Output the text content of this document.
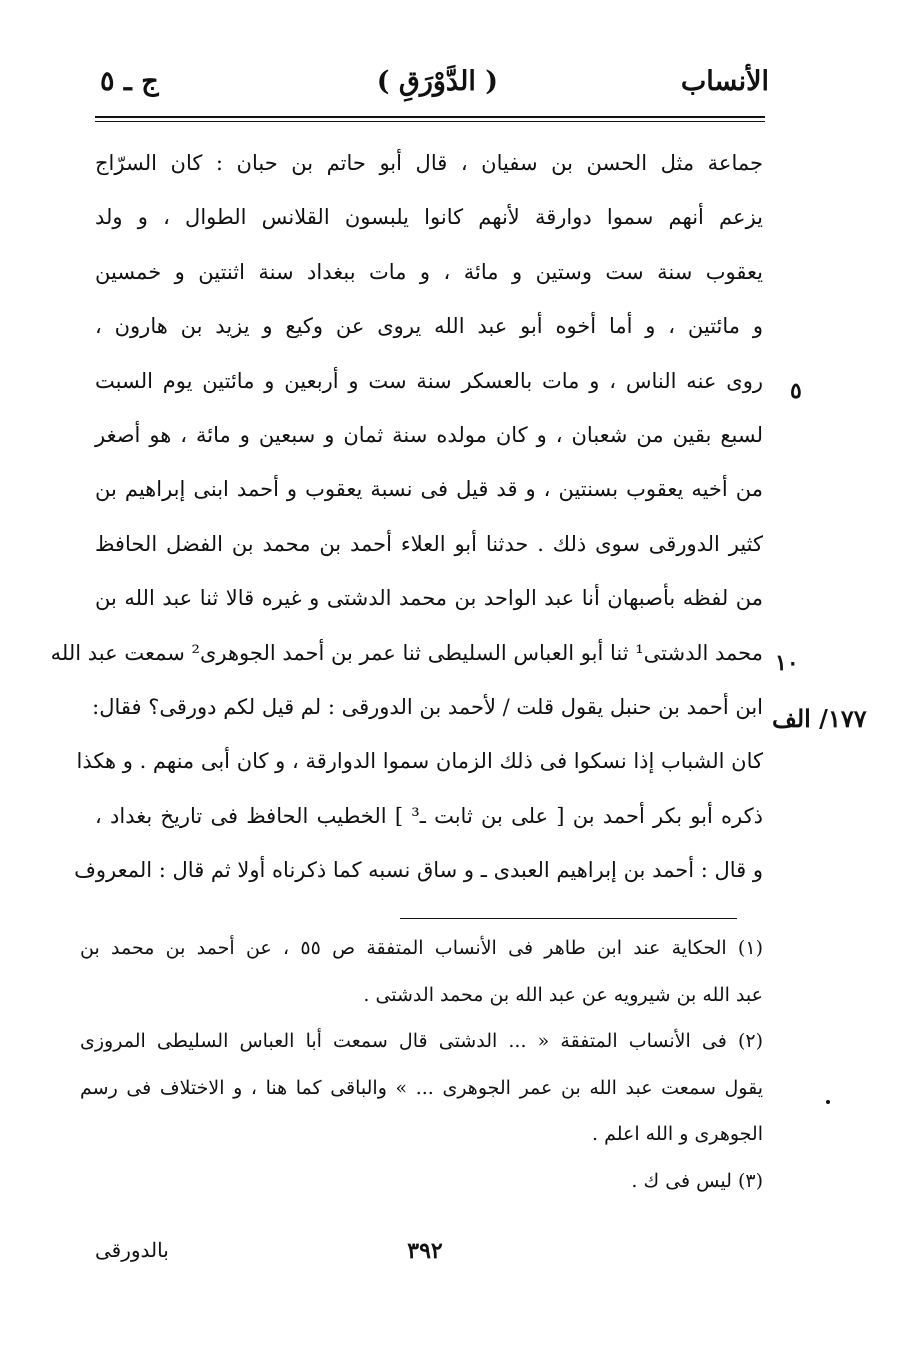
الأنساب
( الدَّوْرَقِ )
ج ـ ٥
جماعة مثل الحسن بن سفيان ، قال أبو حاتم بن حبان : كان السرّاج
يزعم أنهم سموا دوارقة لأنهم كانوا يلبسون القلانس الطوال ، و ولد
يعقوب سنة ست وستين و مائة ، و مات ببغداد سنة اثنتين و خمسين
و مائتين ، و أما أخوه أبو عبد الله يروى عن وكيع و يزيد بن هارون ،
روى عنه الناس ، و مات بالعسكر سنة ست و أربعين و مائتين يوم السبت
لسبع بقين من شعبان ، و كان مولده سنة ثمان و سبعين و مائة ، هو أصغر
من أخيه يعقوب بسنتين ، و قد قيل فى نسبة يعقوب و أحمد ابنى إبراهيم بن
كثير الدورقى سوى ذلك . حدثنا أبو العلاء أحمد بن محمد بن الفضل الحافظ
من لفظه بأصبهان أنا عبد الواحد بن محمد الدشتى و غيره قالا ثنا عبد الله بن
محمد الدشتى¹ ثنا أبو العباس السليطى ثنا عمر بن أحمد الجوهرى² سمعت عبد الله
ابن أحمد بن حنبل يقول قلت / لأحمد بن الدورقى : لم قيل لكم دورقى؟ فقال:
كان الشباب إذا نسكوا فى ذلك الزمان سموا الدوارقة ، و كان أبى منهم . و هكذا
ذكره أبو بكر أحمد بن [ على بن ثابت ـ³ ] الخطيب الحافظ فى تاريخ بغداد ،
و قال : أحمد بن إبراهيم العبدى ـ و ساق نسبه كما ذكرناه أولا ثم قال : المعروف
٥
١٠
١٧٧/ الف
(١) الحكاية عند ابن طاهر فى الأنساب المتفقة ص ٥٥ ، عن أحمد بن محمد بن
عبد الله بن شيرويه عن عبد الله بن محمد الدشتى .
(٢) فى الأنساب المتفقة « ... الدشتى قال سمعت أبا العباس السليطى المروزى
يقول سمعت عبد الله بن عمر الجوهرى ... » والباقى كما هنا ، و الاختلاف فى رسم
الجوهرى و الله اعلم .
(٣) ليس فى ك .
بالدورقى	٣٩٢
